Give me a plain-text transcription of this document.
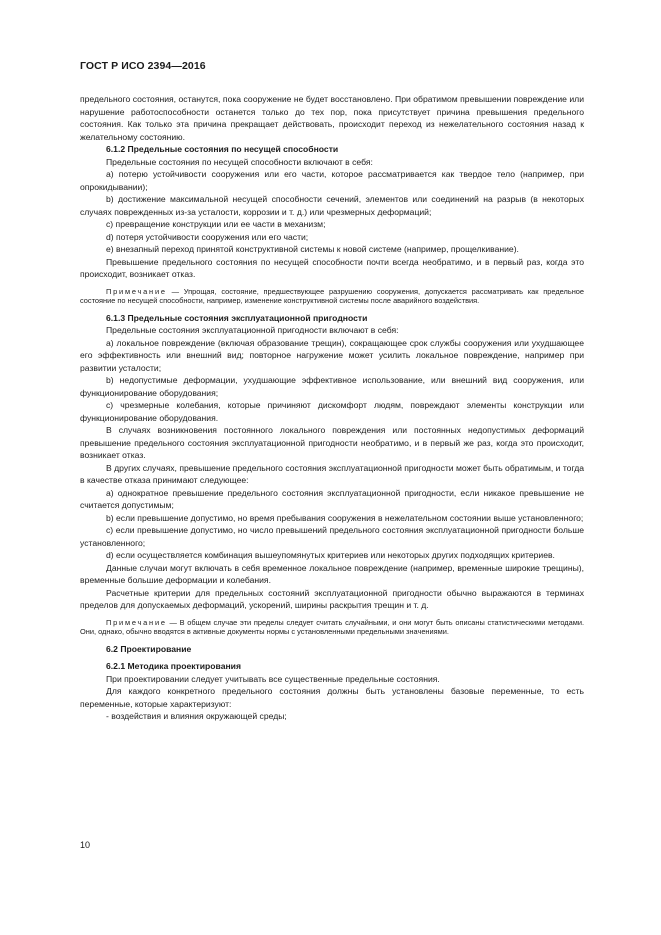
ГОСТ Р ИСО 2394—2016
предельного состояния, останутся, пока сооружение не будет восстановлено. При обратимом превышении повреждение или нарушение работоспособности останется только до тех пор, пока присутствует причина превышения предельного состояния. Как только эта причина прекращает действовать, происходит переход из нежелательного состояния назад к желательному состоянию.
6.1.2 Предельные состояния по несущей способности
Предельные состояния по несущей способности включают в себя:
a) потерю устойчивости сооружения или его части, которое рассматривается как твердое тело (например, при опрокидывании);
b) достижение максимальной несущей способности сечений, элементов или соединений на разрыв (в некоторых случаях поврежденных из-за усталости, коррозии и т. д.) или чрезмерных деформаций;
c) превращение конструкции или ее части в механизм;
d) потеря устойчивости сооружения или его части;
e) внезапный переход принятой конструктивной системы к новой системе (например, прощелкивание).
Превышение предельного состояния по несущей способности почти всегда необратимо, и в первый раз, когда это происходит, возникает отказ.
Примечание — Упрощая, состояние, предшествующее разрушению сооружения, допускается рассматривать как предельное состояние по несущей способности, например, изменение конструктивной системы после аварийного воздействия.
6.1.3 Предельные состояния эксплуатационной пригодности
Предельные состояния эксплуатационной пригодности включают в себя:
a) локальное повреждение (включая образование трещин), сокращающее срок службы сооружения или ухудшающее его эффективность или внешний вид; повторное нагружение может усилить локальное повреждение, например при развитии усталости;
b) недопустимые деформации, ухудшающие эффективное использование, или внешний вид сооружения, или функционирование оборудования;
c) чрезмерные колебания, которые причиняют дискомфорт людям, повреждают элементы конструкции или функционирование оборудования.
В случаях возникновения постоянного локального повреждения или постоянных недопустимых деформаций превышение предельного состояния эксплуатационной пригодности необратимо, и в первый же раз, когда это происходит, возникает отказ.
В других случаях, превышение предельного состояния эксплуатационной пригодности может быть обратимым, и тогда в качестве отказа принимают следующее:
a) однократное превышение предельного состояния эксплуатационной пригодности, если никакое превышение не считается допустимым;
b) если превышение допустимо, но время пребывания сооружения в нежелательном состоянии выше установленного;
c) если превышение допустимо, но число превышений предельного состояния эксплуатационной пригодности больше установленного;
d) если осуществляется комбинация вышеупомянутых критериев или некоторых других подходящих критериев.
Данные случаи могут включать в себя временное локальное повреждение (например, временные широкие трещины), временные большие деформации и колебания.
Расчетные критерии для предельных состояний эксплуатационной пригодности обычно выражаются в терминах пределов для допускаемых деформаций, ускорений, ширины раскрытия трещин и т. д.
Примечание — В общем случае эти пределы следует считать случайными, и они могут быть описаны статистическими методами. Они, однако, обычно вводятся в активные документы нормы с установленными предельными значениями.
6.2 Проектирование
6.2.1 Методика проектирования
При проектировании следует учитывать все существенные предельные состояния.
Для каждого конкретного предельного состояния должны быть установлены базовые переменные, то есть переменные, которые характеризуют:
- воздействия и влияния окружающей среды;
10
